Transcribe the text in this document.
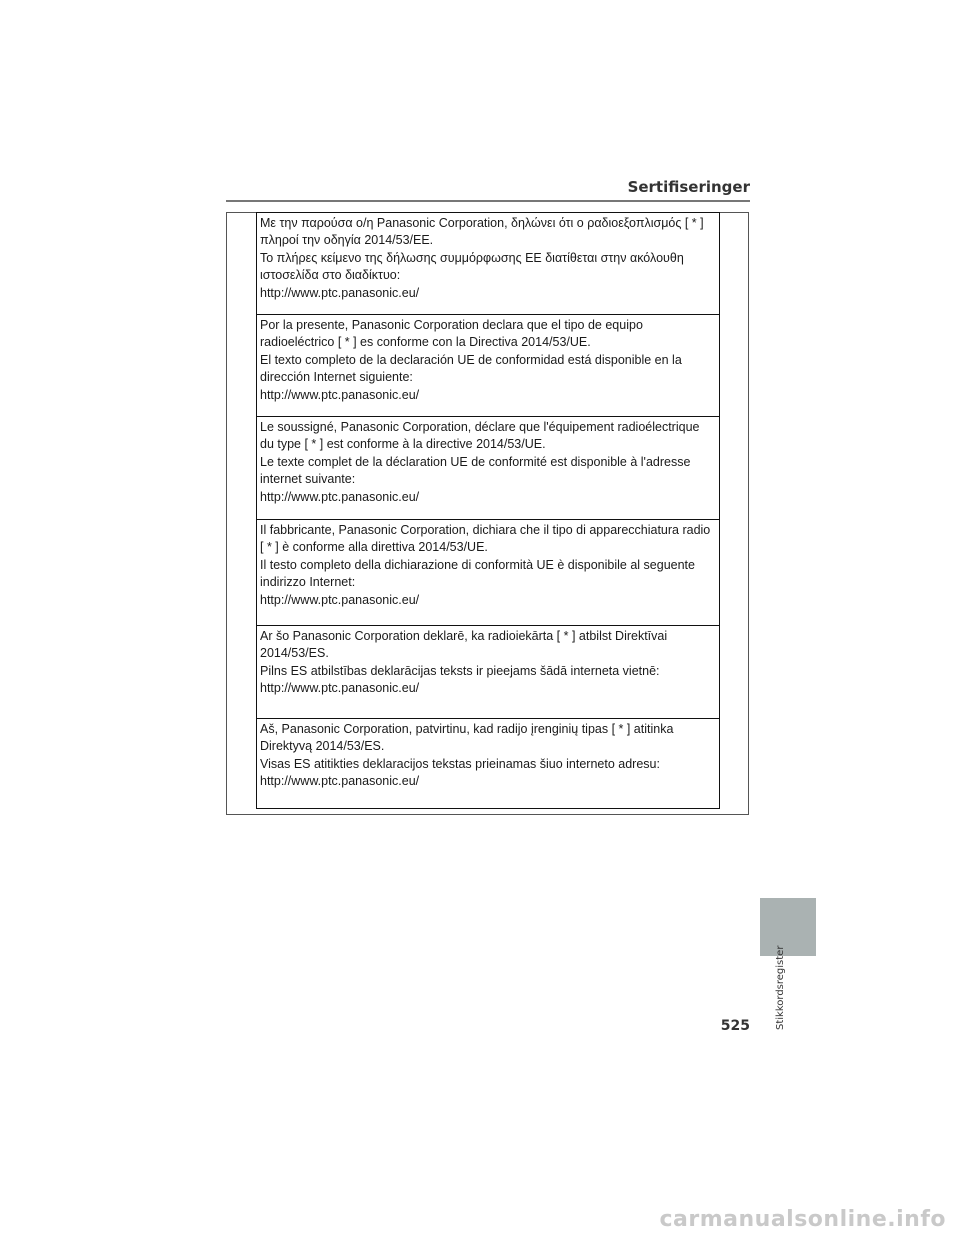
Sertifiseringer

Με την παρούσα ο/η Panasonic Corporation, δηλώνει ότι ο ραδιοεξοπλισμός [ * ]

πληροί την οδηγία 2014/53/ΕΕ.

Το πλήρες κείμενο της δήλωσης συμμόρφωσης ΕΕ διατίθεται στην ακόλουθη

ιστοσελίδα στο διαδίκτυο:

http://www.ptc.panasonic.eu/

Por la presente, Panasonic Corporation declara que el tipo de equipo

radioeléctrico [ * ] es conforme con la Directiva 2014/53/UE.

El texto completo de la declaración UE de conformidad está disponible en la

dirección Internet siguiente:

http://www.ptc.panasonic.eu/

Le soussigné, Panasonic Corporation, déclare que l'équipement radioélectrique

du type [ * ] est conforme à la directive 2014/53/UE.

Le texte complet de la déclaration UE de conformité est disponible à l'adresse

internet suivante:

http://www.ptc.panasonic.eu/

Il fabbricante, Panasonic Corporation, dichiara che il tipo di apparecchiatura radio

[ * ] è conforme alla direttiva 2014/53/UE.

Il testo completo della dichiarazione di conformità UE è disponibile al seguente

indirizzo Internet:

http://www.ptc.panasonic.eu/

Ar šo Panasonic Corporation deklarē, ka radioiekārta [ * ] atbilst Direktīvai

2014/53/ES.

Pilns ES atbilstības deklarācijas teksts ir pieejams šādā interneta vietnē:

http://www.ptc.panasonic.eu/

Aš, Panasonic Corporation, patvirtinu, kad radijo įrenginių tipas [ * ] atitinka

Direktyvą 2014/53/ES.

Visas ES atitikties deklaracijos tekstas prieinamas šiuo interneto adresu:

http://www.ptc.panasonic.eu/

Stikkordsregister
525
carmanualsonline.info
